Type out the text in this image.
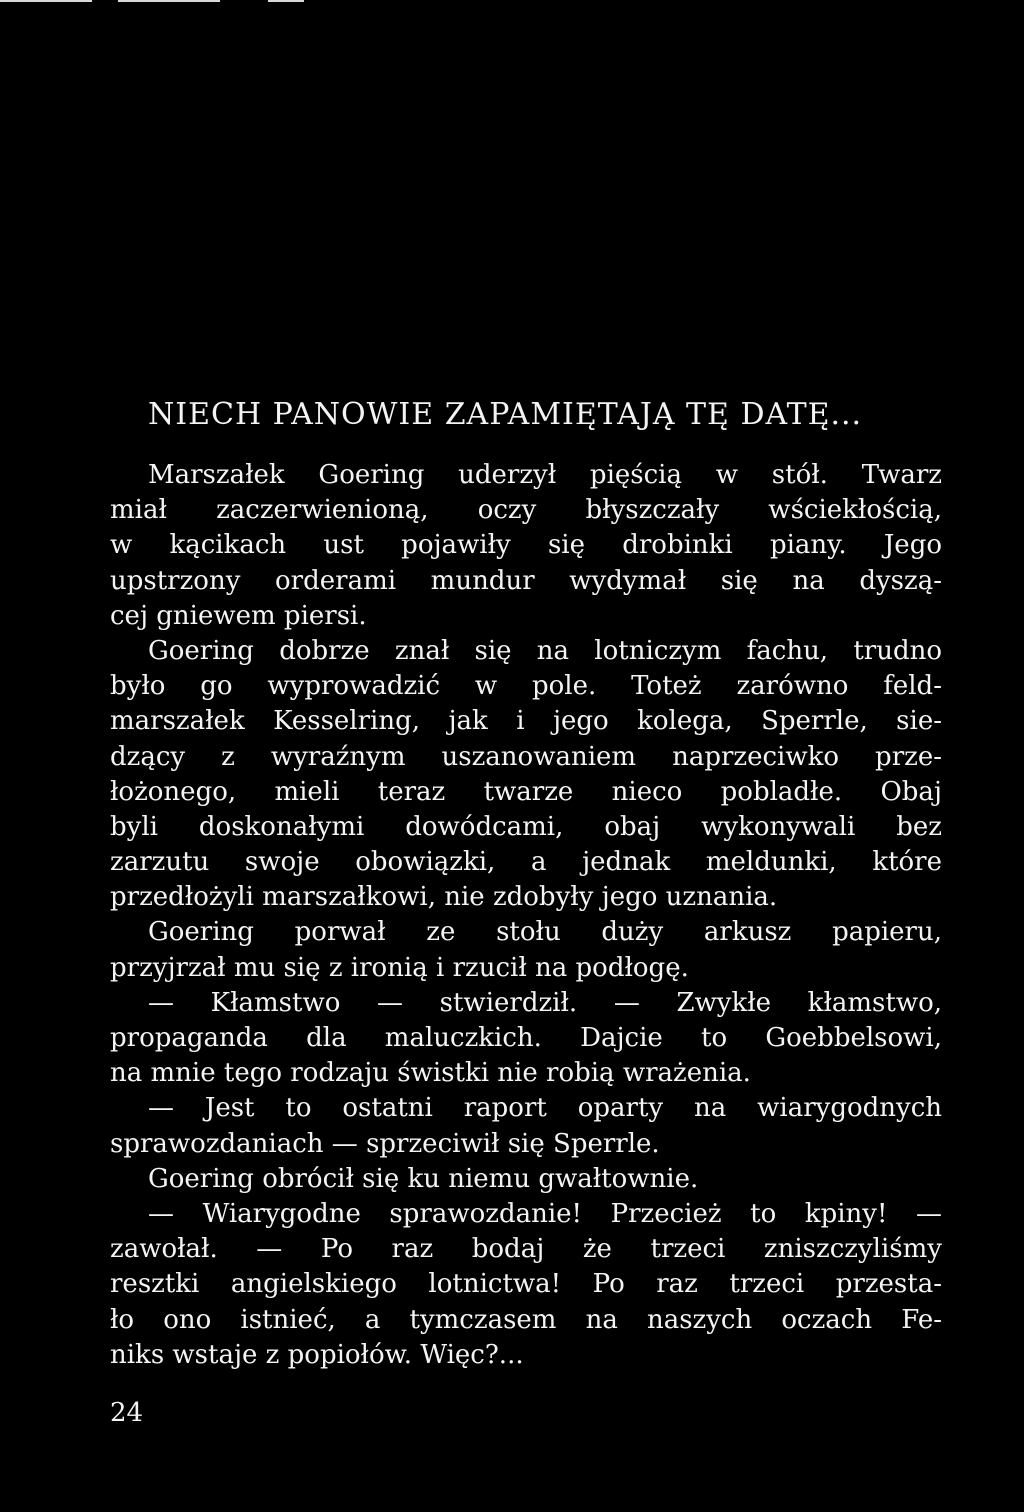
NIECH PANOWIE ZAPAMIĘTAJĄ TĘ DATĘ...
Marszałek Goering uderzył pięścią w stół. Twarz
miał zaczerwienioną, oczy błyszczały wściekłością,
w kącikach ust pojawiły się drobinki piany. Jego
upstrzony orderami mundur wydymał się na dyszą-
cej gniewem piersi.
Goering dobrze znał się na lotniczym fachu, trudno
było go wyprowadzić w pole. Toteż zarówno feld-
marszałek Kesselring, jak i jego kolega, Sperrle, sie-
dzący z wyraźnym uszanowaniem naprzeciwko prze-
łożonego, mieli teraz twarze nieco pobladłe. Obaj
byli doskonałymi dowódcami, obaj wykonywali bez
zarzutu swoje obowiązki, a jednak meldunki, które
przedłożyli marszałkowi, nie zdobyły jego uznania.
Goering porwał ze stołu duży arkusz papieru,
przyjrzał mu się z ironią i rzucił na podłogę.
— Kłamstwo — stwierdził. — Zwykłe kłamstwo,
propaganda dla maluczkich. Dajcie to Goebbelsowi,
na mnie tego rodzaju świstki nie robią wrażenia.
— Jest to ostatni raport oparty na wiarygodnych
sprawozdaniach — sprzeciwił się Sperrle.
Goering obrócił się ku niemu gwałtownie.
— Wiarygodne sprawozdanie! Przecież to kpiny! —
zawołał. — Po raz bodaj że trzeci zniszczyliśmy
resztki angielskiego lotnictwa! Po raz trzeci przesta-
ło ono istnieć, a tymczasem na naszych oczach Fe-
niks wstaje z popiołów. Więc?...
24
